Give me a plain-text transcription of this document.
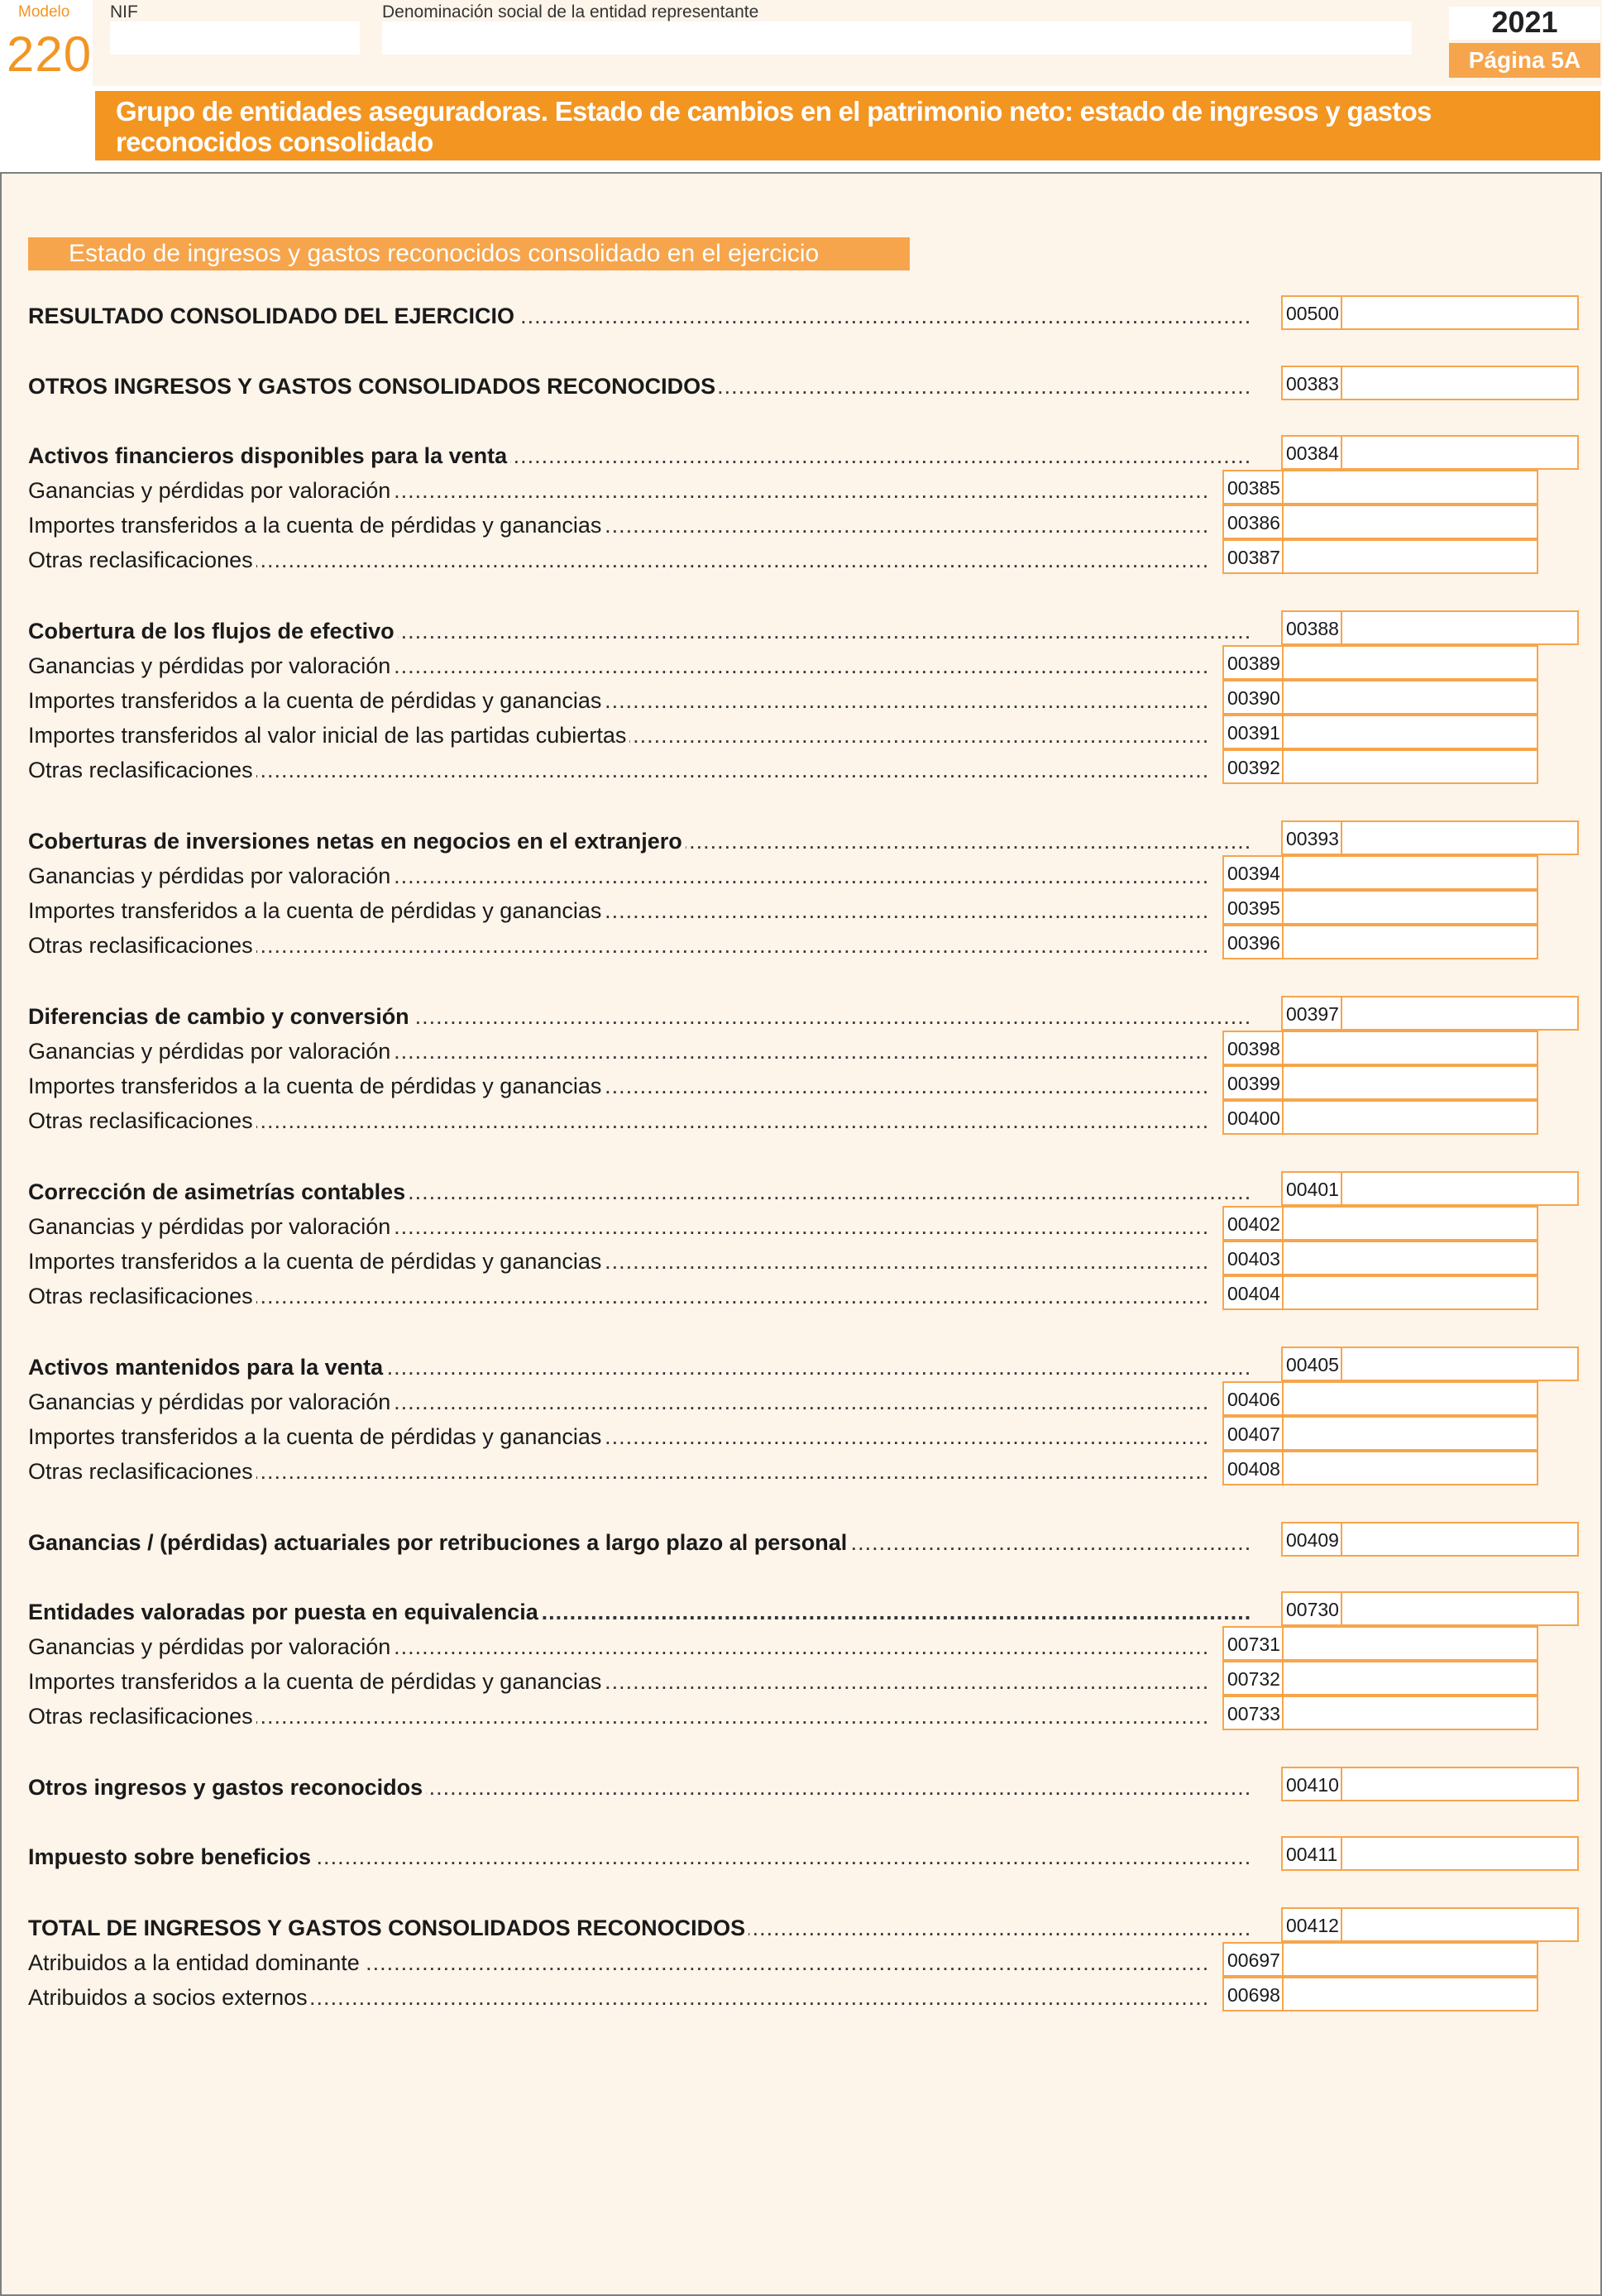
Modelo
220
NIF	Denominación social de la entidad representante	2021
Página 5A
Grupo de entidades aseguradoras. Estado de cambios en el patrimonio neto: estado de ingresos y gastos reconocidos consolidado
Estado de ingresos y gastos reconocidos consolidado en el ejercicio
RESULTADO CONSOLIDADO DEL EJERCICIO .....	00500
OTROS INGRESOS Y GASTOS CONSOLIDADOS RECONOCIDOS .....	00383
Activos financieros disponibles para la venta .....	00384
Ganancias y pérdidas por valoración .....	00385
Importes transferidos a la cuenta de pérdidas y ganancias .....	00386
Otras reclasificaciones .....	00387
Cobertura de los flujos de efectivo .....	00388
Ganancias y pérdidas por valoración .....	00389
Importes transferidos a la cuenta de pérdidas y ganancias .....	00390
Importes transferidos al valor inicial de las partidas cubiertas .....	00391
Otras reclasificaciones .....	00392
Coberturas de inversiones netas en negocios en el extranjero .....	00393
Ganancias y pérdidas por valoración .....	00394
Importes transferidos a la cuenta de pérdidas y ganancias .....	00395
Otras reclasificaciones .....	00396
Diferencias de cambio y conversión .....	00397
Ganancias y pérdidas por valoración .....	00398
Importes transferidos a la cuenta de pérdidas y ganancias .....	00399
Otras reclasificaciones .....	00400
Corrección de asimetrías contables .....	00401
Ganancias y pérdidas por valoración .....	00402
Importes transferidos a la cuenta de pérdidas y ganancias .....	00403
Otras reclasificaciones .....	00404
Activos mantenidos para la venta .....	00405
Ganancias y pérdidas por valoración .....	00406
Importes transferidos a la cuenta de pérdidas y ganancias .....	00407
Otras reclasificaciones .....	00408
Ganancias / (pérdidas) actuariales por retribuciones a largo plazo al personal .....	00409
Entidades valoradas por puesta en equivalencia .....	00730
Ganancias y pérdidas por valoración .....	00731
Importes transferidos a la cuenta de pérdidas y ganancias .....	00732
Otras reclasificaciones .....	00733
Otros ingresos y gastos reconocidos .....	00410
Impuesto sobre beneficios .....	00411
TOTAL DE INGRESOS Y GASTOS CONSOLIDADOS RECONOCIDOS .....	00412
Atribuidos a la entidad dominante .....	00697
Atribuidos a socios externos .....	00698
